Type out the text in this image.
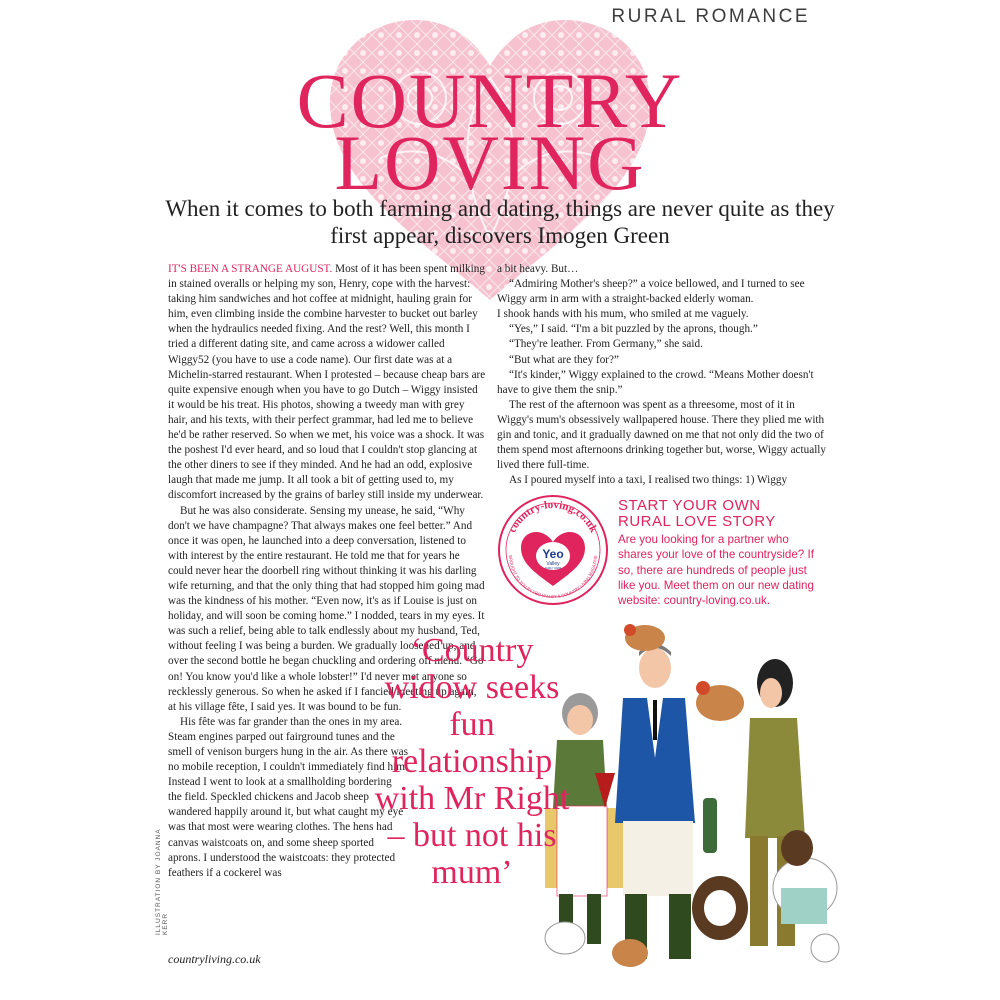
RURAL ROMANCE
COUNTRY
LOVING
When it comes to both farming and dating, things are never quite as they first appear, discovers Imogen Green

IT'S BEEN A STRANGE AUGUST. Most of it has been spent milking in stained overalls or helping my son, Henry, cope with the harvest: taking him sandwiches and hot coffee at midnight, hauling grain for him, even climbing inside the combine harvester to bucket out barley when the hydraulics needed fixing. And the rest? Well, this month I tried a different dating site, and came across a widower called Wiggy52 (you have to use a code name). Our first date was at a Michelin-starred restaurant. When I protested – because cheap bars are quite expensive enough when you have to go Dutch – Wiggy insisted it would be his treat. His photos, showing a tweedy man with grey hair, and his texts, with their perfect grammar, had led me to believe he'd be rather reserved. So when we met, his voice was a shock. It was the poshest I'd ever heard, and so loud that I couldn't stop glancing at the other diners to see if they minded. And he had an odd, explosive laugh that made me jump. It all took a bit of getting used to, my discomfort increased by the grains of barley still inside my underwear.

But he was also considerate. Sensing my unease, he said, “Why don't we have champagne? That always makes one feel better.” And once it was open, he launched into a deep conversation, listened to with interest by the entire restaurant. He told me that for years he could never hear the doorbell ring without thinking it was his darling wife returning, and that the only thing that had stopped him going mad was the kindness of his mother. “Even now, it's as if Louise is just on holiday, and will soon be coming home.” I nodded, tears in my eyes. It was such a relief, being able to talk endlessly about my husband, Ted, without feeling I was being a burden. We gradually loosened up, and over the second bottle he began chuckling and ordering off menu. “Go on! You know you'd like a whole lobster!” I'd never met anyone so recklessly generous. So when he asked if I fancied meeting up again, at his village fête, I said yes. It was bound to be fun.

His fête was far grander than the ones in my area. Steam engines parped out fairground tunes and the smell of venison burgers hung in the air. As there was no mobile reception, I couldn't immediately find him. Instead I went to look at a smallholding bordering the field. Speckled chickens and Jacob sheep wandered happily around it, but what caught my eye was that most were wearing clothes. The hens had canvas waistcoats on, and some sheep sported aprons. I understood the waistcoats: they protected feathers if a cockerel was

a bit heavy. But…

“Admiring Mother's sheep?” a voice bellowed, and I turned to see Wiggy arm in arm with a straight-backed elderly woman.

I shook hands with his mum, who smiled at me vaguely.

“Yes,” I said. “I'm a bit puzzled by the aprons, though.”

“They're leather. From Germany,” she said.

“But what are they for?”

“It's kinder,” Wiggy explained to the crowd. “Means Mother doesn't have to give them the snip.”

The rest of the afternoon was spent as a threesome, most of it in Wiggy's mum's obsessively wallpapered house. There they plied me with gin and tonic, and it gradually dawned on me that not only did the two of them spend most afternoons drinking together but, worse, Wiggy actually lived there full-time.

As I poured myself into a taxi, I realised two things: 1) Wiggy

country-loving.co.uk
BROUGHT TO YOU BY YEO VALLEY & COUNTRY LIVING MAGAZINE
Yeo
Valley
FAMILY FARM
START YOUR OWN
RURAL LOVE STORY
Are you looking for a partner who shares your love of the countryside? If so, there are hundreds of people just like you. Meet them on our new dating website: country-loving.co.uk.
‘Country widow seeks fun relationship with Mr Right – but not his mum’
ILLUSTRATION BY JOANNA KERR
countryliving.co.uk
